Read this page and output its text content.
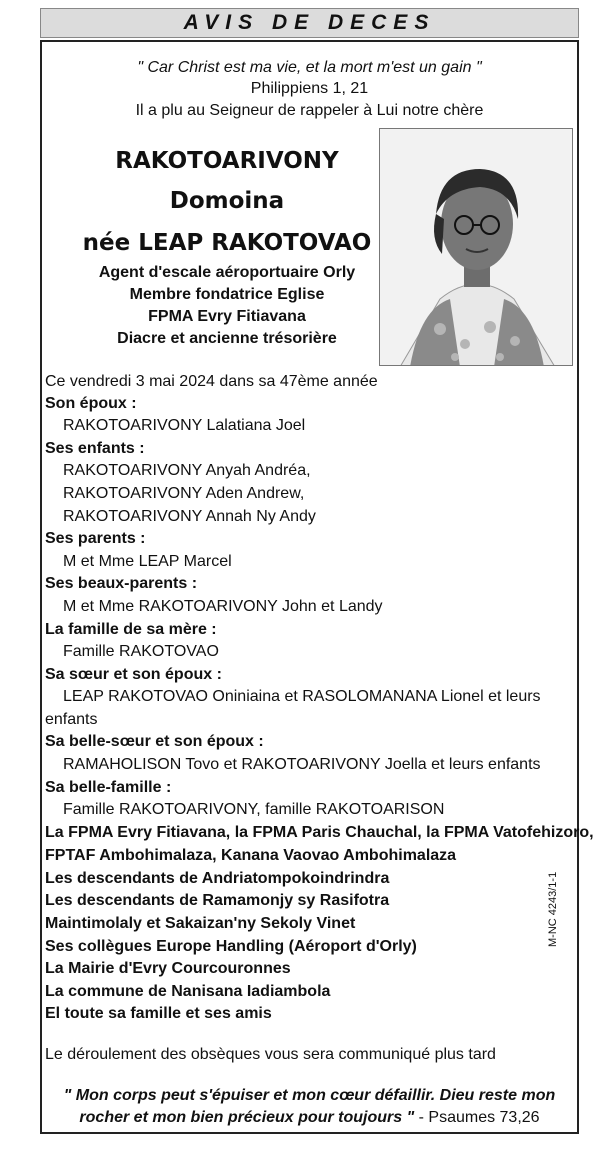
AVIS DE DECES
" Car Christ est ma vie, et la mort m'est un gain "
Philippiens 1, 21
Il a plu au Seigneur de rappeler à Lui notre chère
RAKOTOARIVONY
Domoina
née LEAP RAKOTOVAO
Agent d'escale aéroportuaire Orly
Membre fondatrice Eglise
FPMA Evry Fitiavana
Diacre et ancienne trésorière
Ce vendredi 3 mai 2024 dans sa 47ème année
Son époux :
RAKOTOARIVONY Lalatiana Joel
Ses enfants :
RAKOTOARIVONY Anyah Andréa,
RAKOTOARIVONY Aden Andrew,
RAKOTOARIVONY Annah Ny Andy
Ses parents :
M et Mme LEAP Marcel
Ses beaux-parents :
M et Mme RAKOTOARIVONY John et Landy
La famille de sa mère :
Famille RAKOTOVAO
Sa sœur et son époux :
LEAP RAKOTOVAO Oniniaina et RASOLOMANANA Lionel et leurs
enfants
Sa belle-sœur et son époux :
RAMAHOLISON Tovo et RAKOTOARIVONY Joella et leurs enfants
Sa belle-famille :
Famille RAKOTOARIVONY, famille RAKOTOARISON
La FPMA Evry Fitiavana, la FPMA Paris Chauchal, la FPMA Vatofehizoro,
FPTAF Ambohimalaza, Kanana Vaovao Ambohimalaza
Les descendants de Andriatompokoindrindra
Les descendants de Ramamonjy sy Rasifotra
Maintimolaly et Sakaizan'ny Sekoly Vinet
Ses collègues Europe Handling (Aéroport d'Orly)
La Mairie d'Evry Courcouronnes
La commune de Nanisana Iadiambola
El toute sa famille et ses amis
Le déroulement des obsèques vous sera communiqué plus tard
" Mon corps peut s'épuiser et mon cœur défaillir. Dieu reste mon
rocher et mon bien précieux pour toujours " - Psaumes 73,26
M-NC 4243/1-1
